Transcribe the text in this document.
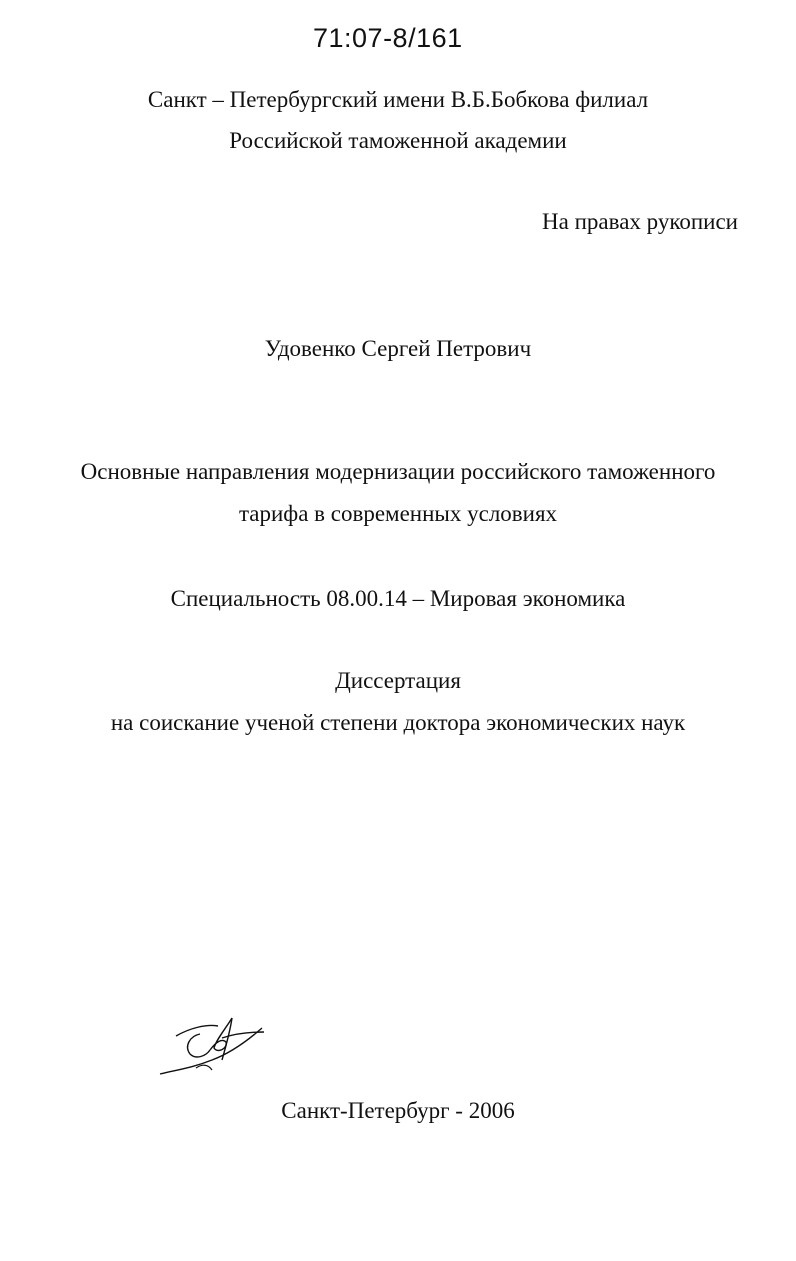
71:07-8/161
Санкт – Петербургский имени В.Б.Бобкова филиал
Российской таможенной академии
На правах рукописи
Удовенко Сергей Петрович
Основные направления модернизации российского таможенного
тарифа в современных условиях
Специальность 08.00.14 – Мировая экономика
Диссертация
на соискание ученой степени доктора экономических наук
Санкт-Петербург - 2006
